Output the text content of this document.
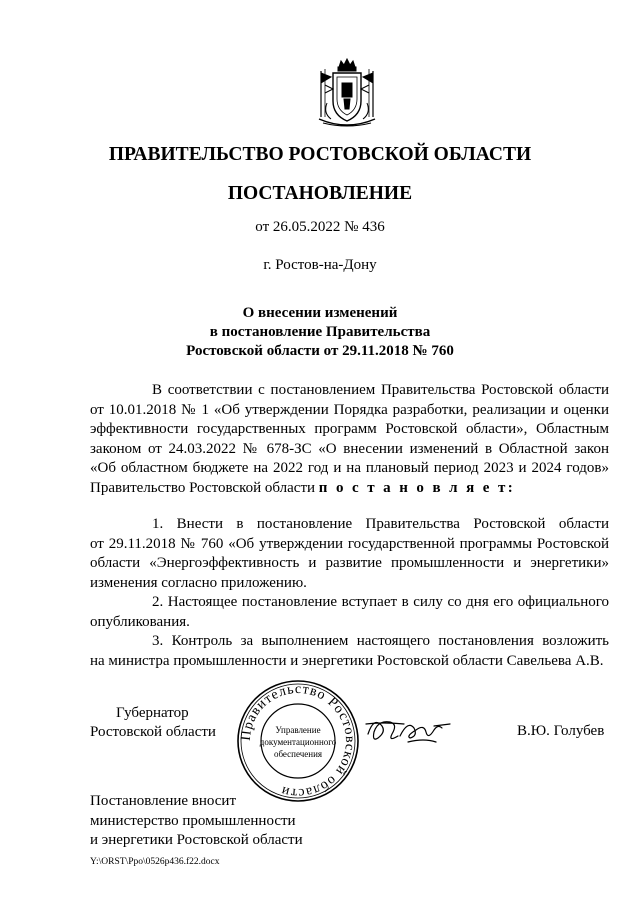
ПРАВИТЕЛЬСТВО РОСТОВСКОЙ ОБЛАСТИ
ПОСТАНОВЛЕНИЕ
от 26.05.2022 № 436
г. Ростов-на-Дону
О внесении изменений
в постановление Правительства
Ростовской области от 29.11.2018 № 760
В соответствии с постановлением Правительства Ростовской области
от 10.01.2018 № 1 «Об утверждении Порядка разработки, реализации и оценки
эффективности государственных программ Ростовской области», Областным
законом от 24.03.2022 № 678-ЗС «О внесении изменений в Областной закон
«Об областном бюджете на 2022 год и на плановый период 2023 и 2024 годов»
Правительство Ростовской области п о с т а н о в л я е т:
1. Внести в постановление Правительства Ростовской области
от 29.11.2018 № 760 «Об утверждении государственной программы Ростовской
области «Энергоэффективность и развитие промышленности и энергетики»
изменения согласно приложению.
2. Настоящее постановление вступает в силу со дня его официального
опубликования.
3. Контроль за выполнением настоящего постановления возложить
на министра промышленности и энергетики Ростовской области Савельева А.В.
Губернатор
Ростовской области Правительство Ростовской области
Управление
документационного
обеспечения
В.Ю. Голубев
Постановление вносит
министерство промышленности
и энергетики Ростовской области
Y:\ORST\Ppo\0526p436.f22.docx
